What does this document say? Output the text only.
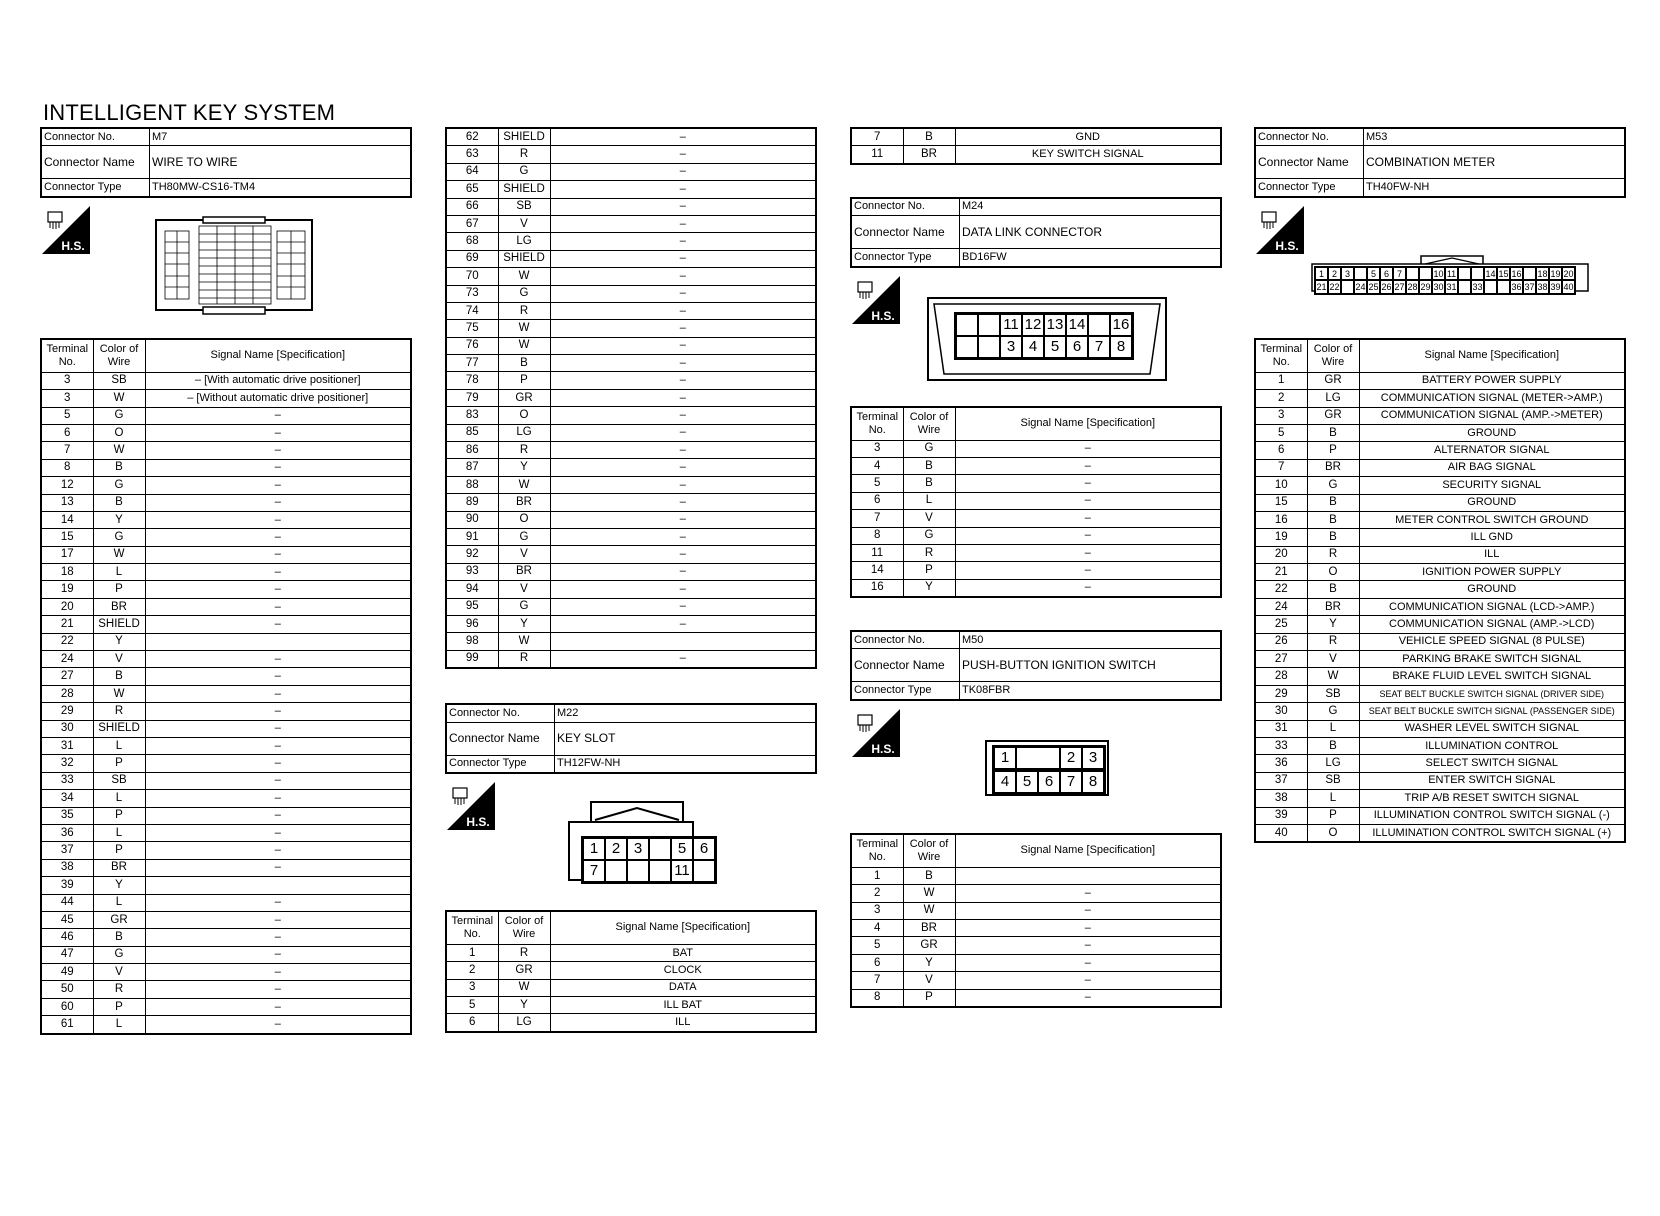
INTELLIGENT KEY SYSTEM
Connector No.	M7
Connector Name	WIRE TO WIRE
Connector Type	TH80MW-CS16-TM4
H.S.
Terminal No.	Color of Wire	Signal Name [Specification]
3	SB	– [With automatic drive positioner]
3	W	– [Without automatic drive positioner]
5	G	–
6	O	–
7	W	–
8	B	–
12	G	–
13	B	–
14	Y	–
15	G	–
17	W	–
18	L	–
19	P	–
20	BR	–
21	SHIELD	–
22	Y	
24	V	–
27	B	–
28	W	–
29	R	–
30	SHIELD	–
31	L	–
32	P	–
33	SB	–
34	L	–
35	P	–
36	L	–
37	P	–
38	BR	–
39	Y	
44	L	–
45	GR	–
46	B	–
47	G	–
49	V	–
50	R	–
60	P	–
61	L	–
62	SHIELD	–
63	R	–
64	G	–
65	SHIELD	–
66	SB	–
67	V	–
68	LG	–
69	SHIELD	–
70	W	–
73	G	–
74	R	–
75	W	–
76	W	–
77	B	–
78	P	–
79	GR	–
83	O	–
85	LG	–
86	R	–
87	Y	–
88	W	–
89	BR	–
90	O	–
91	G	–
92	V	–
93	BR	–
94	V	–
95	G	–
96	Y	–
98	W	
99	R	–
Connector No.	M22
Connector Name	KEY SLOT
Connector Type	TH12FW-NH
H.S.
1 2 3	5 6
7	11
Terminal No.	Color of Wire	Signal Name [Specification]
1	R	BAT
2	GR	CLOCK
3	W	DATA
5	Y	ILL BAT
6	LG	ILL
7	B	GND
11	BR	KEY SWITCH SIGNAL
Connector No.	M24
Connector Name	DATA LINK CONNECTOR
Connector Type	BD16FW
H.S.	11 12 13 14 16
3 4 5 6 7 8
Terminal No.	Color of Wire	Signal Name [Specification]
3	G	–
4	B	–
5	B	–
6	L	–
7	V	–
8	G	–
11	R	–
14	P	–
16	Y	–
Connector No.	M50
Connector Name	PUSH-BUTTON IGNITION SWITCH
Connector Type	TK08FBR
H.S.	1	2 3
4 5 6 7 8
Terminal No.	Color of Wire	Signal Name [Specification]
1	B	
2	W	–
3	W	–
4	BR	–
5	GR	–
6	Y	–
7	V	–
8	P	–
Connector No.	M53
Connector Name	COMBINATION METER
Connector Type	TH40FW-NH
H.S.
1 2 3	5 6 7	10 11	14 15 16 18 19 20
21 22 24 25 26 27 28 29 30 31 33	36 37 38 39 40
Terminal No.	Color of Wire	Signal Name [Specification]
1	GR	BATTERY POWER SUPPLY
2	LG	COMMUNICATION SIGNAL (METER->AMP.)
3	GR	COMMUNICATION SIGNAL (AMP.->METER)
5	B	GROUND
6	P	ALTERNATOR SIGNAL
7	BR	AIR BAG SIGNAL
10	G	SECURITY SIGNAL
15	B	GROUND
16	B	METER CONTROL SWITCH GROUND
19	B	ILL GND
20	R	ILL
21	O	IGNITION POWER SUPPLY
22	B	GROUND
24	BR	COMMUNICATION SIGNAL (LCD->AMP.)
25	Y	COMMUNICATION SIGNAL (AMP.->LCD)
26	R	VEHICLE SPEED SIGNAL (8 PULSE)
27	V	PARKING BRAKE SWITCH SIGNAL
28	W	BRAKE FLUID LEVEL SWITCH SIGNAL
29	SB	SEAT BELT BUCKLE SWITCH SIGNAL (DRIVER SIDE)
30	G	SEAT BELT BUCKLE SWITCH SIGNAL (PASSENGER SIDE)
31	L	WASHER LEVEL SWITCH SIGNAL
33	B	ILLUMINATION CONTROL
36	LG	SELECT SWITCH SIGNAL
37	SB	ENTER SWITCH SIGNAL
38	L	TRIP A/B RESET SWITCH SIGNAL
39	P	ILLUMINATION CONTROL SWITCH SIGNAL (-)
40	O	ILLUMINATION CONTROL SWITCH SIGNAL (+)
